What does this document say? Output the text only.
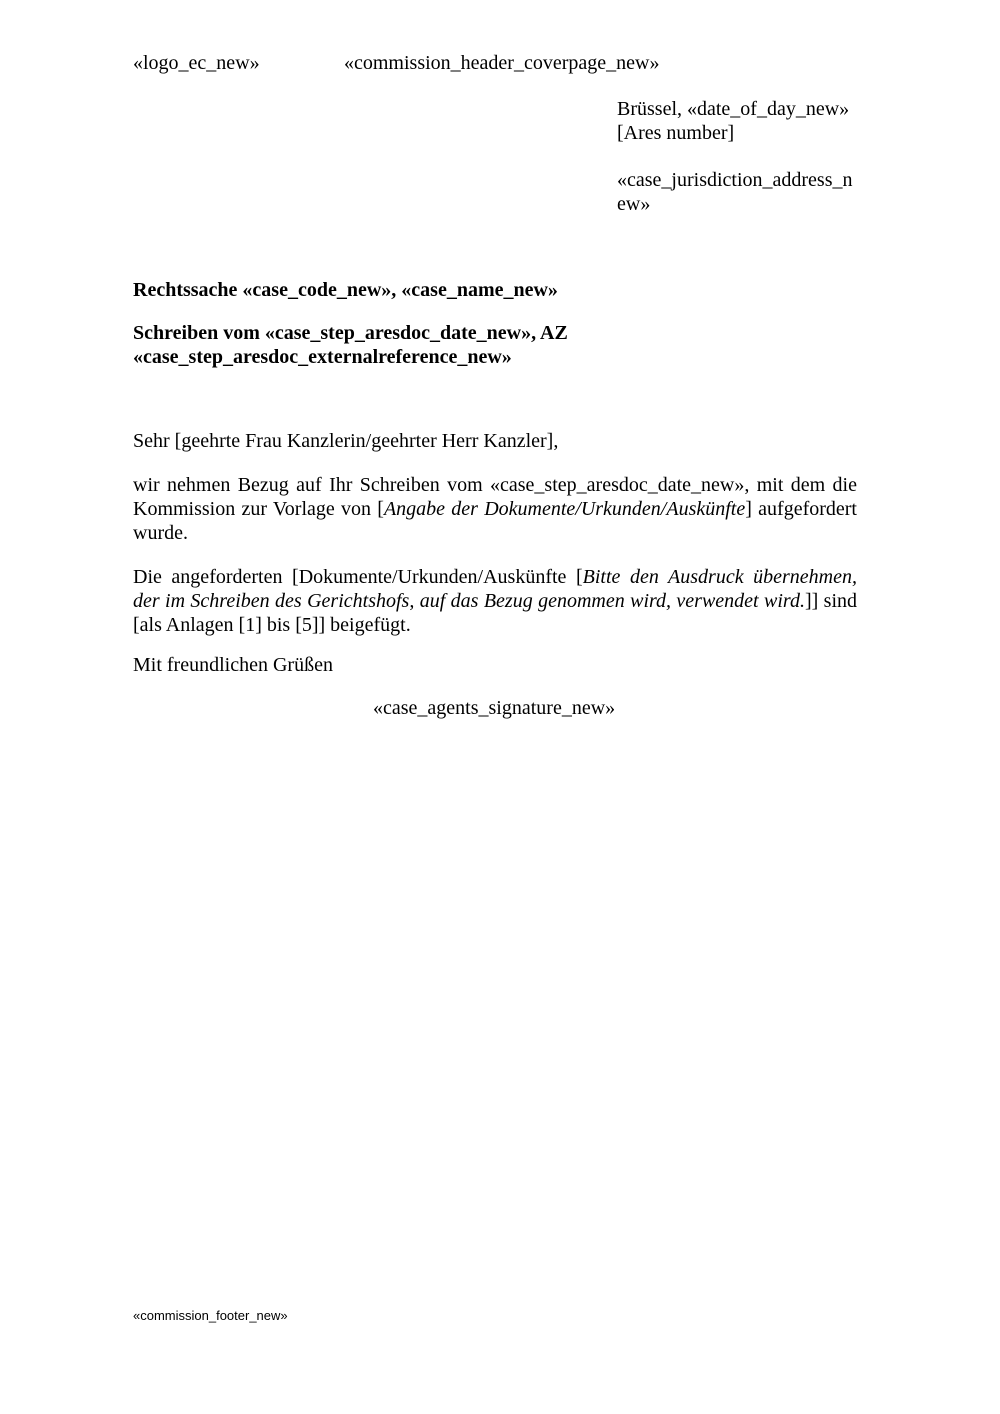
«logo_ec_new»	«commission_header_coverpage_new»
Brüssel, «date_of_day_new»
[Ares number]
«case_jurisdiction_address_n
ew»
Rechtssache «case_code_new», «case_name_new»
Schreiben vom «case_step_aresdoc_date_new», AZ
«case_step_aresdoc_externalreference_new»
Sehr [geehrte Frau Kanzlerin/geehrter Herr Kanzler],
wir nehmen Bezug auf Ihr Schreiben vom «case_step_aresdoc_date_new», mit dem die Kommission zur Vorlage von [Angabe der Dokumente/Urkunden/Auskünfte] aufgefordert wurde.
Die angeforderten [Dokumente/Urkunden/Auskünfte [Bitte den Ausdruck übernehmen, der im Schreiben des Gerichtshofs, auf das Bezug genommen wird, verwendet wird.]] sind [als Anlagen [1] bis [5]] beigefügt.
Mit freundlichen Grüßen
«case_agents_signature_new»
«commission_footer_new»
